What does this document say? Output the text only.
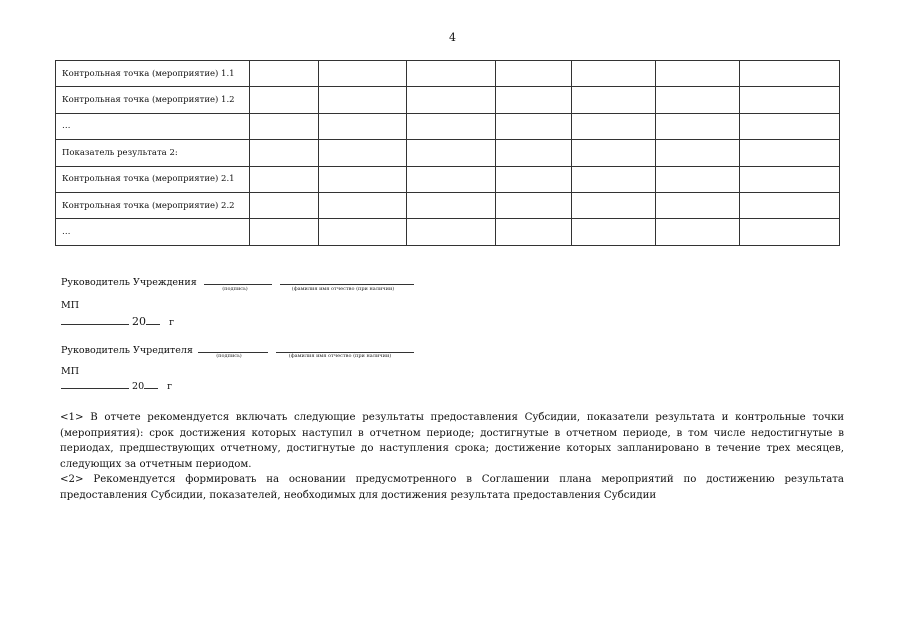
4
Контрольная точка (мероприятие) 1.1							
Контрольная точка (мероприятие) 1.2							
…							
Показатель результата 2:							
Контрольная точка (мероприятие) 2.1							
Контрольная точка (мероприятие) 2.2							
…							
Руководитель Учреждения
(подпись)	(фамилия имя отчество (при наличии)
МП
20 г
Руководитель Учредителя	(подпись)	(фамилия имя отчество (при наличии)
МП
20 г

<1> В отчете рекомендуется включать следующие результаты предоставления Субсидии, показатели результата и контрольные точки (мероприятия): срок достижения которых наступил в отчетном периоде; достигнутые в отчетном периоде, в том числе недостигнутые в периодах, предшествующих отчетному, достигнутые до наступления срока; достижение которых запланировано в течение трех месяцев, следующих за отчетным периодом.

<2> Рекомендуется формировать на основании предусмотренного в Соглашении плана мероприятий по достижению результата предоставления Субсидии, показателей, необходимых для достижения результата предоставления Субсидии
